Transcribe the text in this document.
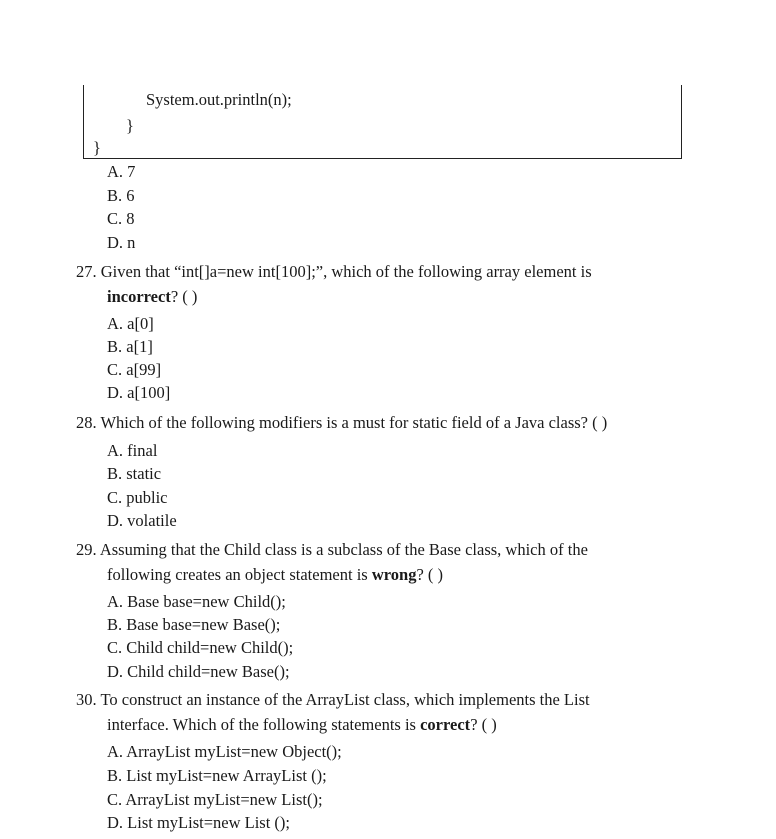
System.out.println(n);
}
}
A. 7
B. 6
C. 8
D. n
27. Given that “int[]a=new int[100];”, which of the following array element is
incorrect? ( )
A. a[0]
B. a[1]
C. a[99]
D. a[100]
28. Which of the following modifiers is a must for static field of a Java class? ( )
A. final
B. static
C. public
D. volatile
29. Assuming that the Child class is a subclass of the Base class, which of the
following creates an object statement is wrong? ( )
A. Base base=new Child();
B. Base base=new Base();
C. Child child=new Child();
D. Child child=new Base();
30. To construct an instance of the ArrayList class, which implements the List
interface. Which of the following statements is correct? ( )
A. ArrayList myList=new Object();
B. List myList=new ArrayList ();
C. ArrayList myList=new List();
D. List myList=new List ();
